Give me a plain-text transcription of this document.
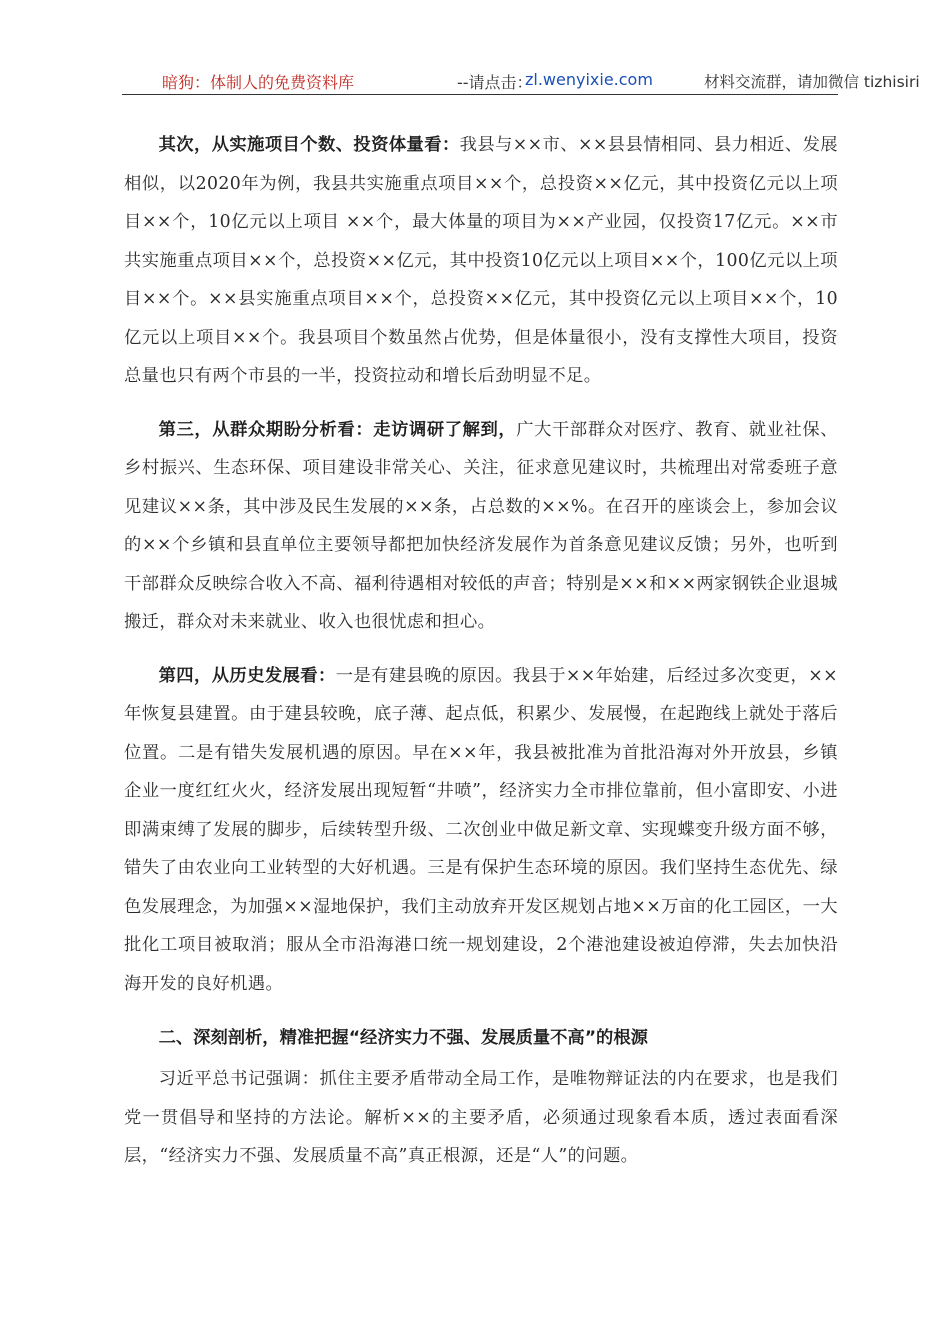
暗狗：体制人的免费资料库	--请点击：
zl.wenyixie.com	材料交流群，请加微信 tizhisiri

其次，从实施项目个数、投资体量看：我县与××市、××县县情相同、县力相近、发展相似，以2020年为例，我县共实施重点项目××个，总投资××亿元，其中投资亿元以上项目××个，10亿元以上项目 ××个，最大体量的项目为××产业园，仅投资17亿元。××市共实施重点项目××个，总投资××亿元，其中投资10亿元以上项目××个，100亿元以上项目××个。××县实施重点项目××个，总投资××亿元，其中投资亿元以上项目××个，10亿元以上项目××个。我县项目个数虽然占优势，但是体量很小，没有支撑性大项目，投资总量也只有两个市县的一半，投资拉动和增长后劲明显不足。

第三，从群众期盼分析看：走访调研了解到，广大干部群众对医疗、教育、就业社保、乡村振兴、生态环保、项目建设非常关心、关注，征求意见建议时，共梳理出对常委班子意见建议××条，其中涉及民生发展的××条，占总数的××%。在召开的座谈会上，参加会议的××个乡镇和县直单位主要领导都把加快经济发展作为首条意见建议反馈；另外，也听到干部群众反映综合收入不高、福利待遇相对较低的声音；特别是××和××两家钢铁企业退城搬迁，群众对未来就业、收入也很忧虑和担心。

第四，从历史发展看：一是有建县晚的原因。我县于××年始建，后经过多次变更，××年恢复县建置。由于建县较晚，底子薄、起点低，积累少、发展慢，在起跑线上就处于落后位置。二是有错失发展机遇的原因。早在××年，我县被批准为首批沿海对外开放县，乡镇企业一度红红火火，经济发展出现短暂“井喷”，经济实力全市排位靠前，但小富即安、小进即满束缚了发展的脚步，后续转型升级、二次创业中做足新文章、实现蝶变升级方面不够，错失了由农业向工业转型的大好机遇。三是有保护生态环境的原因。我们坚持生态优先、绿色发展理念，为加强××湿地保护，我们主动放弃开发区规划占地××万亩的化工园区，一大批化工项目被取消；服从全市沿海港口统一规划建设，2个港池建设被迫停滞，失去加快沿海开发的良好机遇。

二、深刻剖析，精准把握“经济实力不强、发展质量不高”的根源

习近平总书记强调：抓住主要矛盾带动全局工作，是唯物辩证法的内在要求，也是我们党一贯倡导和坚持的方法论。解析××的主要矛盾，必须通过现象看本质，透过表面看深层，“经济实力不强、发展质量不高”真正根源，还是“人”的问题。
